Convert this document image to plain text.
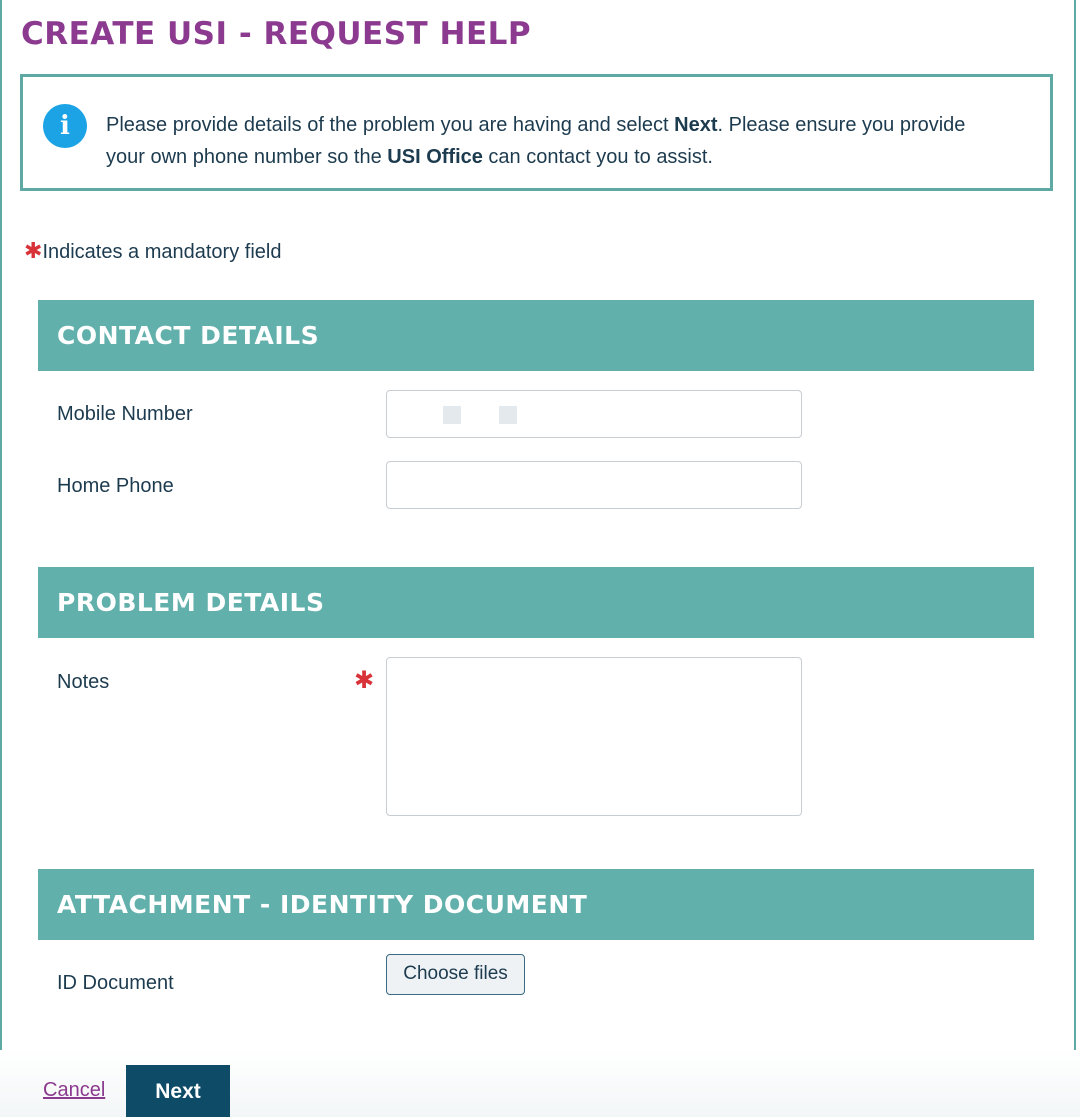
CREATE USI - REQUEST HELP
i	Please provide details of the problem you are having and select Next. Please ensure you provide your own phone number so the USI Office can contact you to assist.
✱Indicates a mandatory field
CONTACT DETAILS
Mobile Number
Home Phone
PROBLEM DETAILS
Notes	✱
ATTACHMENT - IDENTITY DOCUMENT
ID Document	Choose files
Cancel	Next
